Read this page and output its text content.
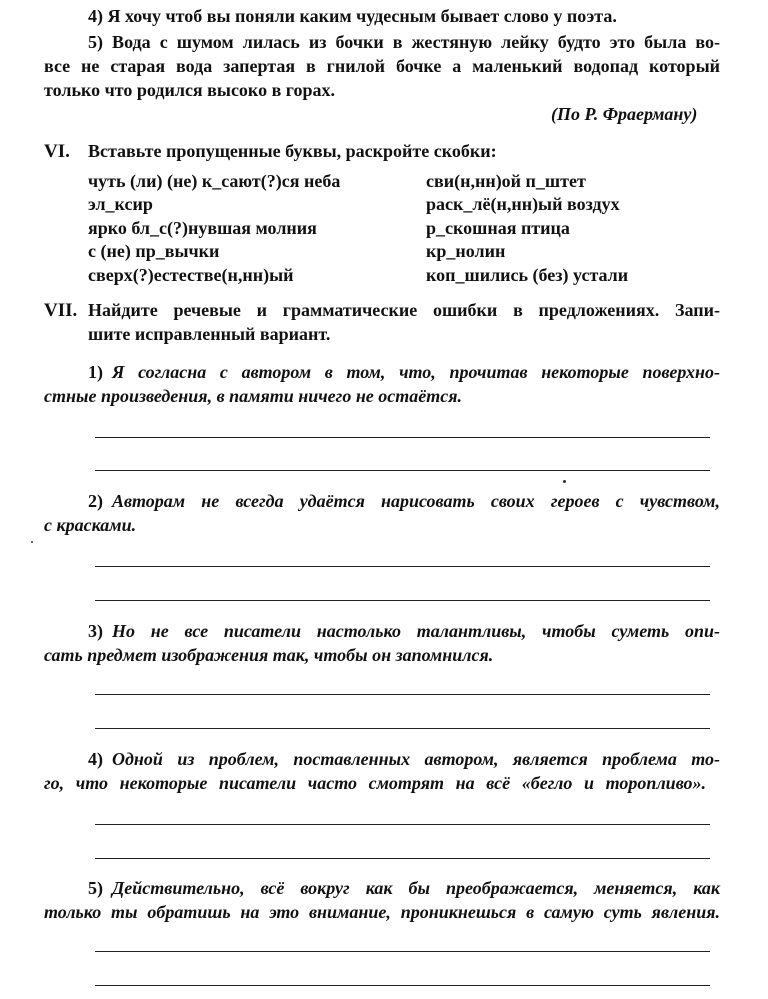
4) Я хочу чтоб вы поняли каким чудесным бывает слово у поэта.
5) Вода с шумом лилась из бочки в жестяную лейку будто это была во-
все не старая вода запертая в гнилой бочке а маленький водопад который
только что родился высоко в горах.
(По Р. Фраерману)
VI. Вставьте пропущенные буквы, раскройте скобки:
чуть (ли) (не) к_сают(?)ся неба
эл_ксир
ярко бл_с(?)нувшая молния
с (не) пр_вычки
сверх(?)естестве(н,нн)ый
сви(н,нн)ой п_штет
раск_лё(н,нн)ый воздух
р_скошная птица
кр_нолин
коп_шились (без) устали
VII. Найдите речевые и грамматические ошибки в предложениях. Запи-
шите исправленный вариант.
1) Я согласна с автором в том, что, прочитав некоторые поверхно-
стные произведения, в памяти ничего не остаётся.
2) Авторам не всегда удаётся нарисовать своих героев с чувством,
с красками.
3) Но не все писатели настолько талантливы, чтобы суметь опи-
сать предмет изображения так, чтобы он запомнился.
4) Одной из проблем, поставленных автором, является проблема то-
го, что некоторые писатели часто смотрят на всё «бегло и торопливо».
5) Действительно, всё вокруг как бы преображается, меняется, как
только ты обратишь на это внимание, проникнешься в самую суть явления.
